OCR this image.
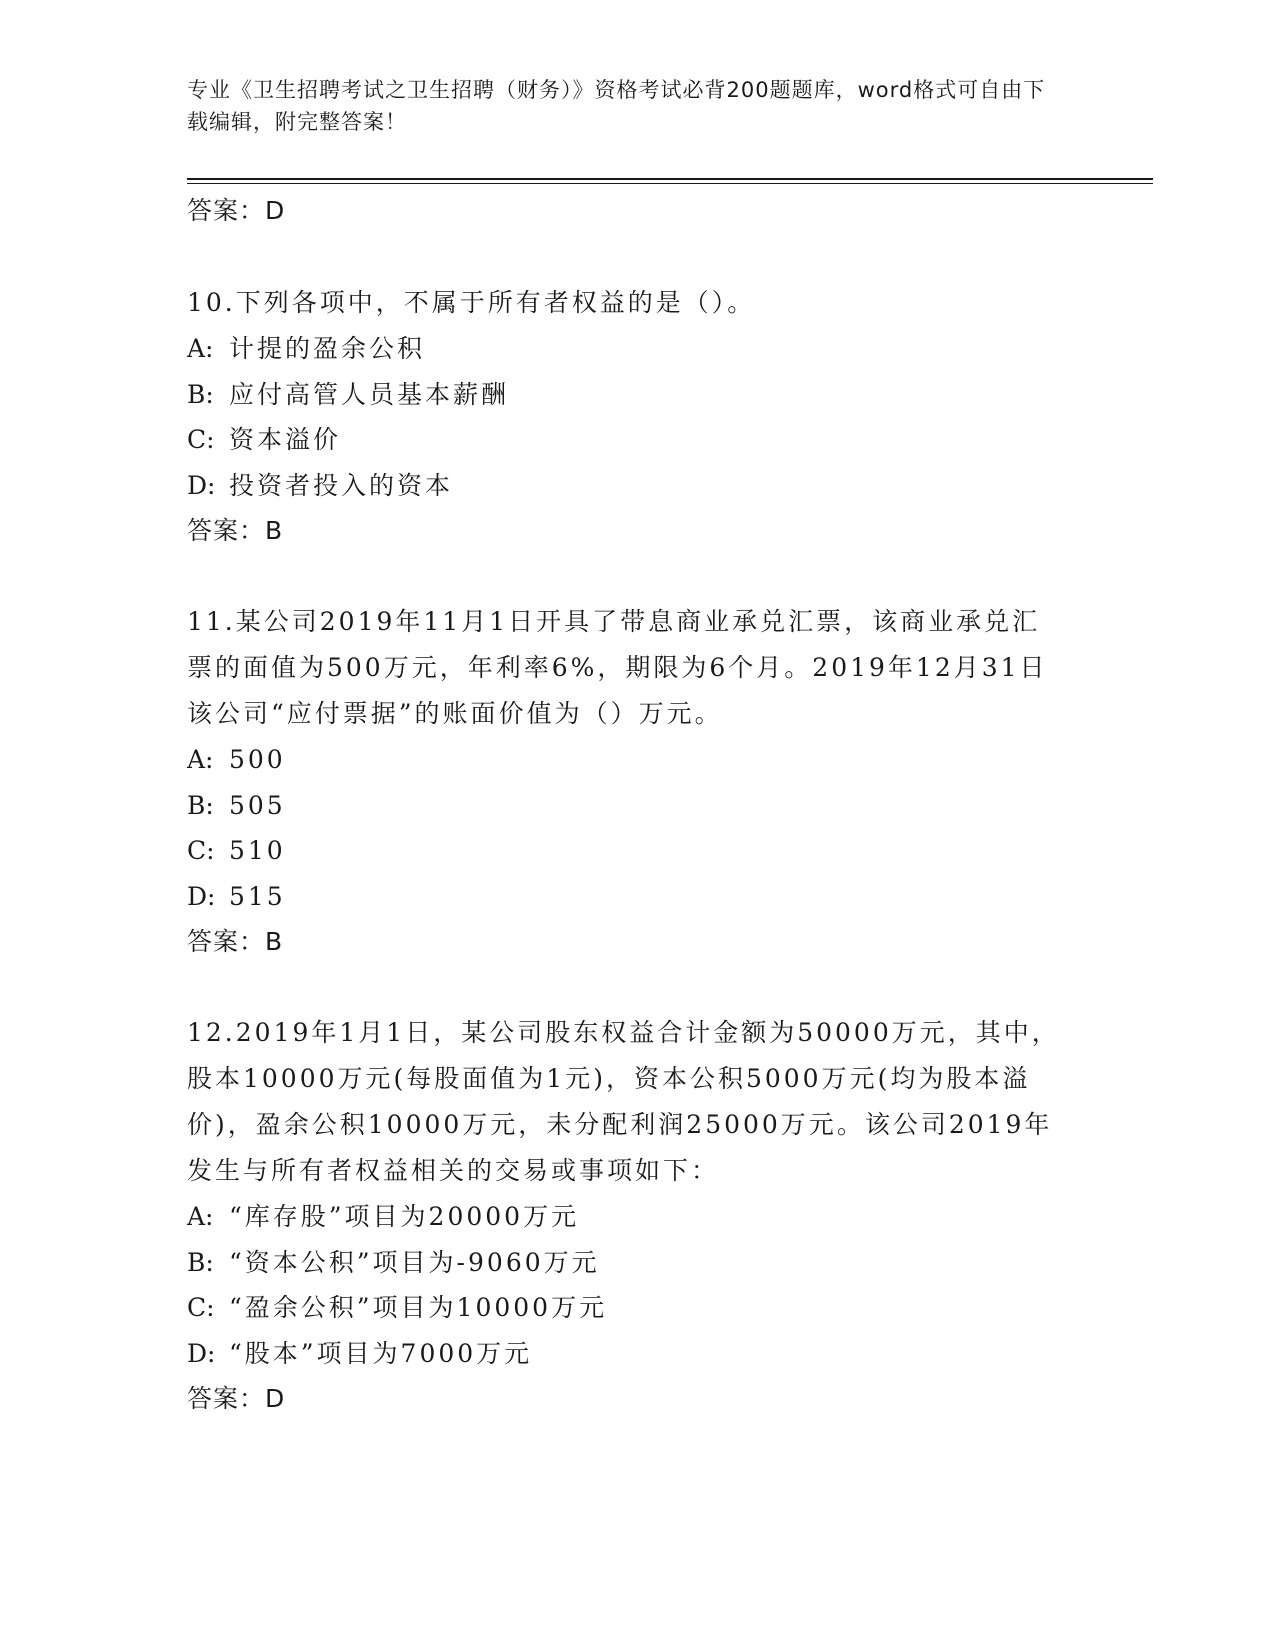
专业《卫生招聘考试之卫生招聘（财务）》资格考试必背200题题库，word格式可自由下载编辑，附完整答案！
答案：D
10.下列各项中，不属于所有者权益的是（）。
A: 计提的盈余公积
B: 应付高管人员基本薪酬
C: 资本溢价
D: 投资者投入的资本
答案：B
11.某公司2019年11月1日开具了带息商业承兑汇票，该商业承兑汇票的面值为500万元，年利率6%，期限为6个月。2019年12月31日该公司“应付票据”的账面价值为（）万元。
A: 500
B: 505
C: 510
D: 515
答案：B
12.2019年1月1日，某公司股东权益合计金额为50000万元，其中，股本10000万元(每股面值为1元)，资本公积5000万元(均为股本溢价)，盈余公积10000万元，未分配利润25000万元。该公司2019年发生与所有者权益相关的交易或事项如下：
A: “库存股”项目为20000万元
B: “资本公积”项目为-9060万元
C: “盈余公积”项目为10000万元
D: “股本”项目为7000万元
答案：D
